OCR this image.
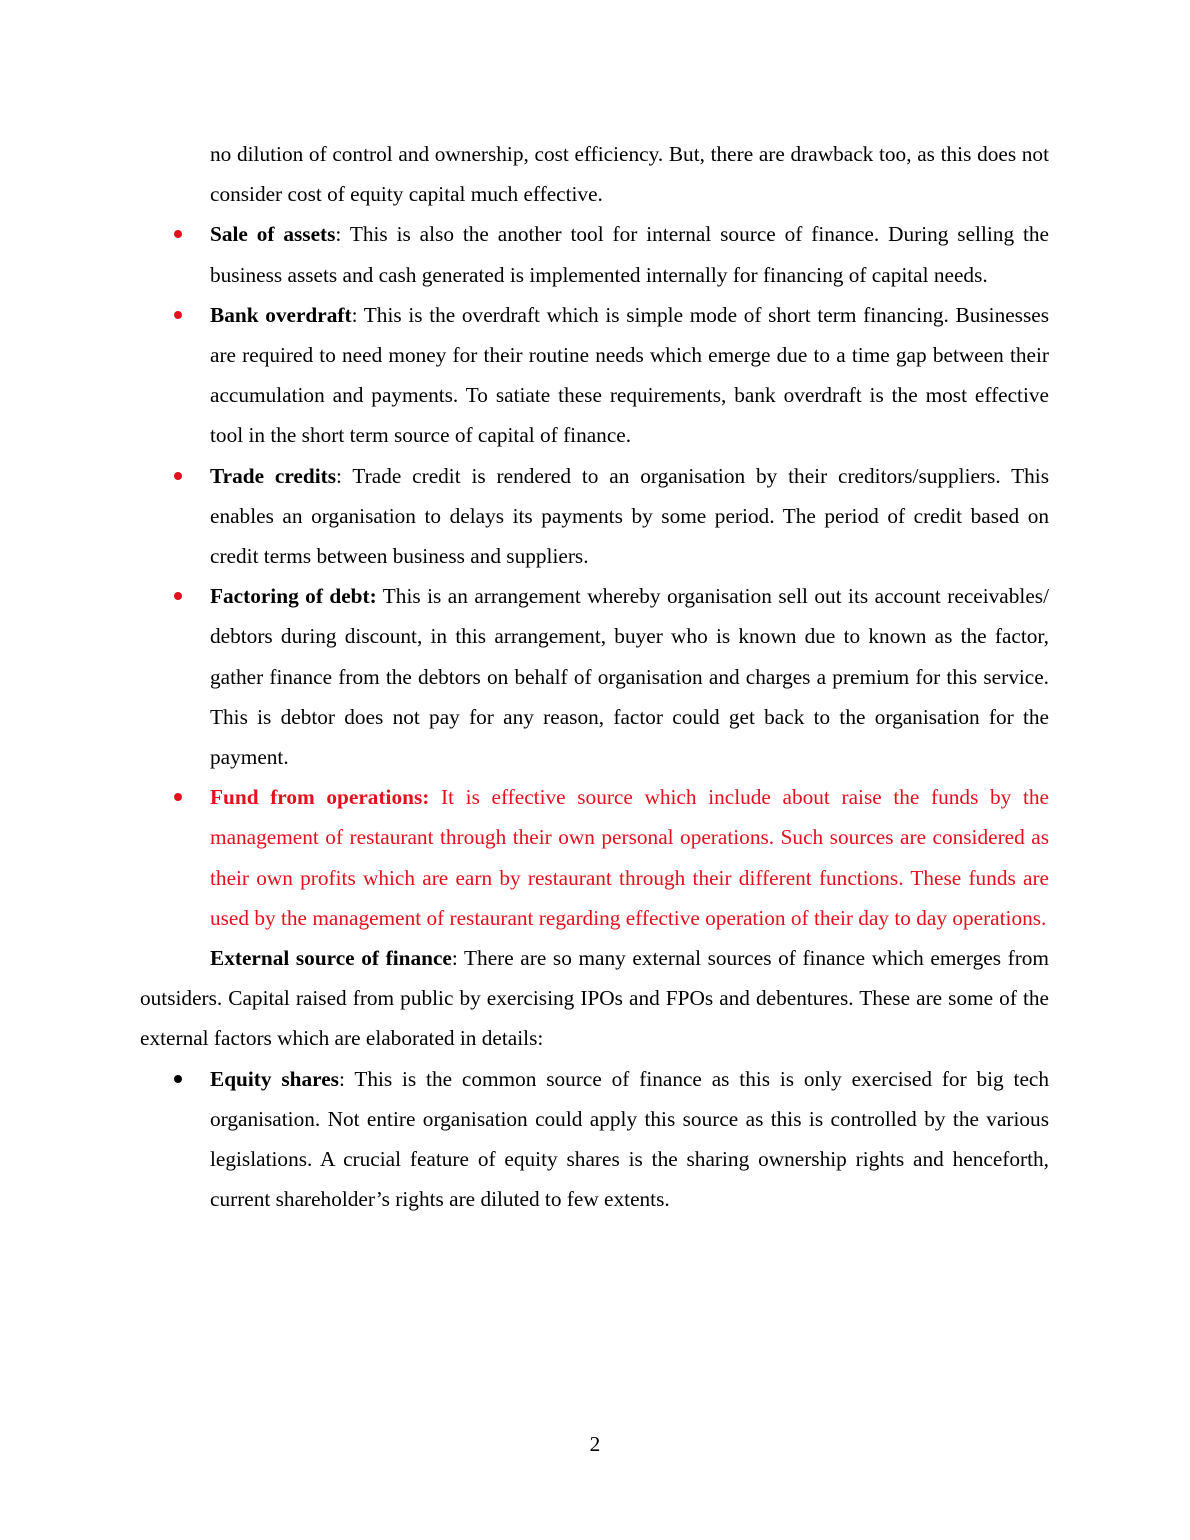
no dilution of control and ownership, cost efficiency. But, there are drawback too, as this does not consider cost of equity capital much effective.

Sale of assets: This is also the another tool for internal source of finance. During selling the business assets and cash generated is implemented internally for financing of capital needs.

Bank overdraft: This is the overdraft which is simple mode of short term financing. Businesses are required to need money for their routine needs which emerge due to a time gap between their accumulation and payments. To satiate these requirements, bank overdraft is the most effective tool in the short term source of capital of finance.

Trade credits: Trade credit is rendered to an organisation by their creditors/suppliers. This enables an organisation to delays its payments by some period. The period of credit based on credit terms between business and suppliers.

Factoring of debt: This is an arrangement whereby organisation sell out its account receivables/ debtors during discount, in this arrangement, buyer who is known due to known as the factor, gather finance from the debtors on behalf of organisation and charges a premium for this service. This is debtor does not pay for any reason, factor could get back to the organisation for the payment.

Fund from operations: It is effective source which include about raise the funds by the management of restaurant through their own personal operations. Such sources are considered as their own profits which are earn by restaurant through their different functions. These funds are used by the management of restaurant regarding effective operation of their day to day operations.

External source of finance: There are so many external sources of finance which emerges from outsiders. Capital raised from public by exercising IPOs and FPOs and debentures. These are some of the external factors which are elaborated in details:

Equity shares: This is the common source of finance as this is only exercised for big tech organisation. Not entire organisation could apply this source as this is controlled by the various legislations. A crucial feature of equity shares is the sharing ownership rights and henceforth, current shareholder’s rights are diluted to few extents.

2
